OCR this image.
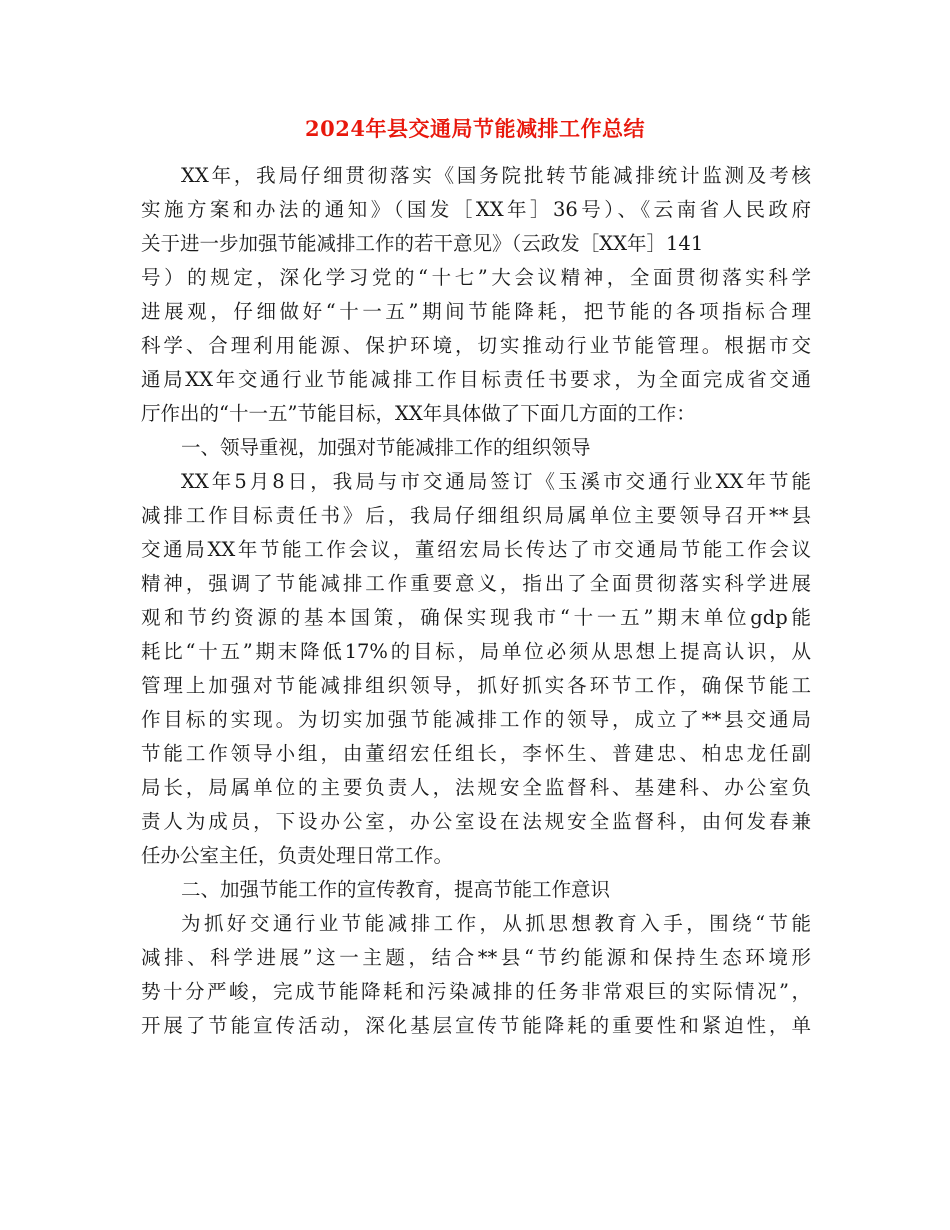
2024年县交通局节能减排工作总结
XX年，我局仔细贯彻落实《国务院批转节能减排统计监测及考核
实施方案和办法的通知》（国发［XX年］36号）、《云南省人民政府
关于进一步加强节能减排工作的若干意见》（云政发［XX年］141
号）的规定，深化学习党的“十七”大会议精神，全面贯彻落实科学
进展观，仔细做好“十一五”期间节能降耗，把节能的各项指标合理
科学、合理利用能源、保护环境，切实推动行业节能管理。根据市交
通局XX年交通行业节能减排工作目标责任书要求，为全面完成省交通
厅作出的“十一五”节能目标，XX年具体做了下面几方面的工作：
一、领导重视，加强对节能减排工作的组织领导
XX年5月8日，我局与市交通局签订《玉溪市交通行业XX年节能
减排工作目标责任书》后，我局仔细组织局属单位主要领导召开**县
交通局XX年节能工作会议，董绍宏局长传达了市交通局节能工作会议
精神，强调了节能减排工作重要意义，指出了全面贯彻落实科学进展
观和节约资源的基本国策，确保实现我市“十一五”期末单位gdp能
耗比“十五”期末降低17%的目标，局单位必须从思想上提高认识，从
管理上加强对节能减排组织领导，抓好抓实各环节工作，确保节能工
作目标的实现。为切实加强节能减排工作的领导，成立了**县交通局
节能工作领导小组，由董绍宏任组长，李怀生、普建忠、柏忠龙任副
局长，局属单位的主要负责人，法规安全监督科、基建科、办公室负
责人为成员，下设办公室，办公室设在法规安全监督科，由何发春兼
任办公室主任，负责处理日常工作。
二、加强节能工作的宣传教育，提高节能工作意识
为抓好交通行业节能减排工作，从抓思想教育入手，围绕“节能
减排、科学进展”这一主题，结合**县“节约能源和保持生态环境形
势十分严峻，完成节能降耗和污染减排的任务非常艰巨的实际情况”，
开展了节能宣传活动，深化基层宣传节能降耗的重要性和紧迫性，单
